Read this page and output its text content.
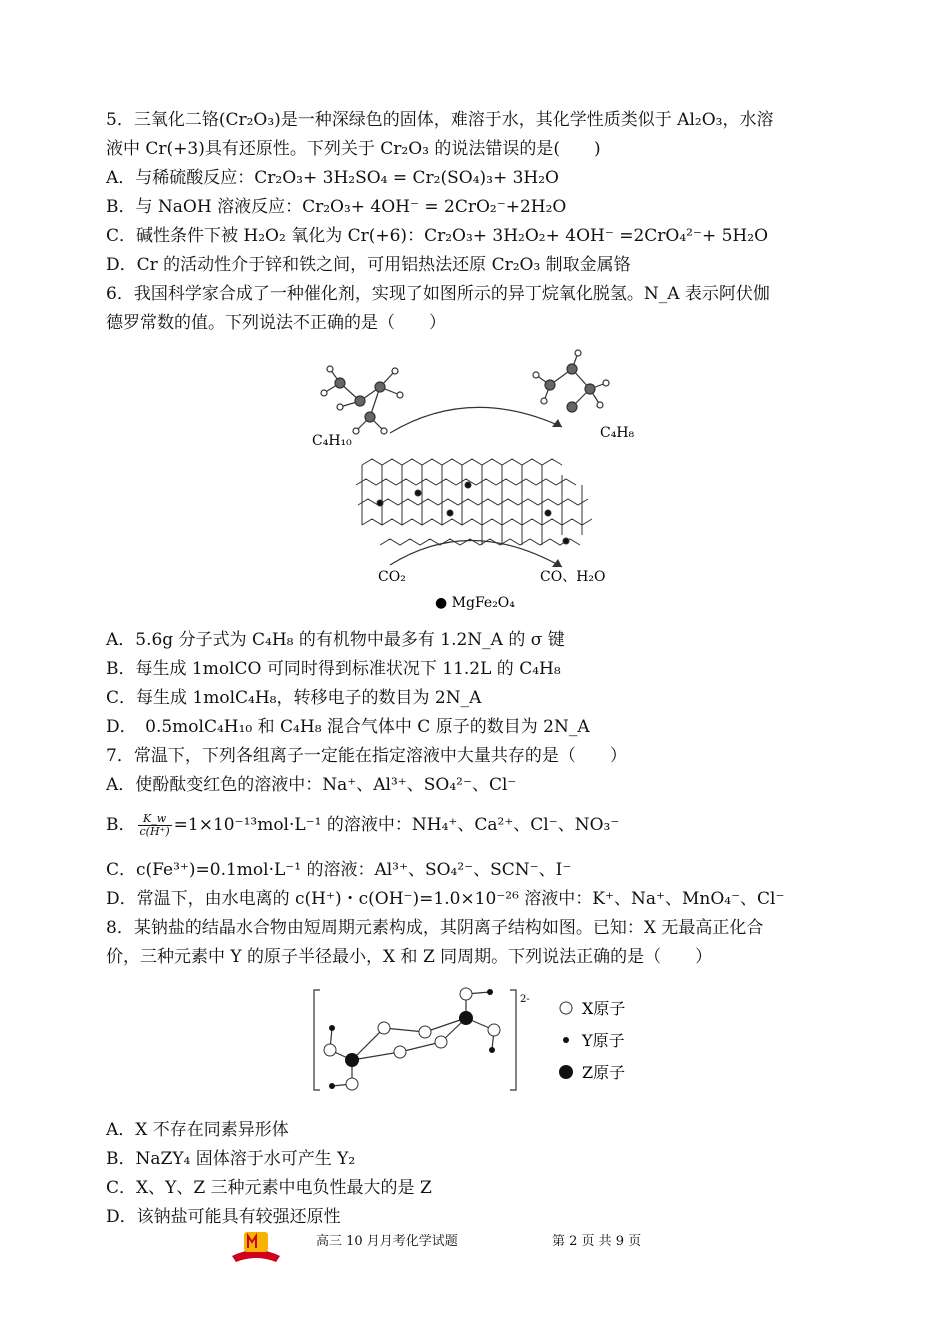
5．三氧化二铬(Cr₂O₃)是一种深绿色的固体，难溶于水，其化学性质类似于 Al₂O₃，水溶
液中 Cr(+3)具有还原性。下列关于 Cr₂O₃ 的说法错误的是(　　)
A．与稀硫酸反应：Cr₂O₃+ 3H₂SO₄ = Cr₂(SO₄)₃+ 3H₂O
B．与 NaOH 溶液反应：Cr₂O₃+ 4OH⁻ = 2CrO₂⁻+2H₂O
C．碱性条件下被 H₂O₂ 氧化为 Cr(+6)：Cr₂O₃+ 3H₂O₂+ 4OH⁻ =2CrO₄²⁻+ 5H₂O
D．Cr 的活动性介于锌和铁之间，可用铝热法还原 Cr₂O₃ 制取金属铬
6．我国科学家合成了一种催化剂，实现了如图所示的异丁烷氧化脱氢。N_A 表示阿伏伽
德罗常数的值。下列说法不正确的是（　　）
C₄H₁₀	C₄H₈
CO₂	CO、H₂O
● MgFe₂O₄
A．5.6g 分子式为 C₄H₈ 的有机物中最多有 1.2N_A 的 σ 键
B．每生成 1molCO 可同时得到标准状况下 11.2L 的 C₄H₈
C．每生成 1molC₄H₈，转移电子的数目为 2N_A
D．　0.5molC₄H₁₀ 和 C₄H₈ 混合气体中 C 原子的数目为 2N_A
7．常温下，下列各组离子一定能在指定溶液中大量共存的是（　　）
A．使酚酞变红色的溶液中：Na⁺、Al³⁺、SO₄²⁻、Cl⁻
B． $\frac{K\_w}{c(H^+)} =1\times 10^{-13}mol\cdot L^{-1}$ 的溶液中：NH₄⁺、Ca²⁺、Cl⁻、NO₃⁻
C．c(Fe³⁺)=0.1mol·L⁻¹ 的溶液：Al³⁺、SO₄²⁻、SCN⁻、I⁻
D．常温下，由水电离的 c(H⁺)・c(OH⁻)=1.0×10⁻²⁶ 溶液中：K⁺、Na⁺、MnO₄⁻、Cl⁻
8．某钠盐的结晶水合物由短周期元素构成，其阴离子结构如图。已知：X 无最高正化合
价，三种元素中 Y 的原子半径最小，X 和 Z 同周期。下列说法正确的是（　　）
2-	X原子
Y原子
Z原子
A．X 不存在同素异形体
B．NaZY₄ 固体溶于水可产生 Y₂
C．X、Y、Z 三种元素中电负性最大的是 Z
D．该钠盐可能具有较强还原性
高三 10 月月考化学试题	第 2 页 共 9 页
